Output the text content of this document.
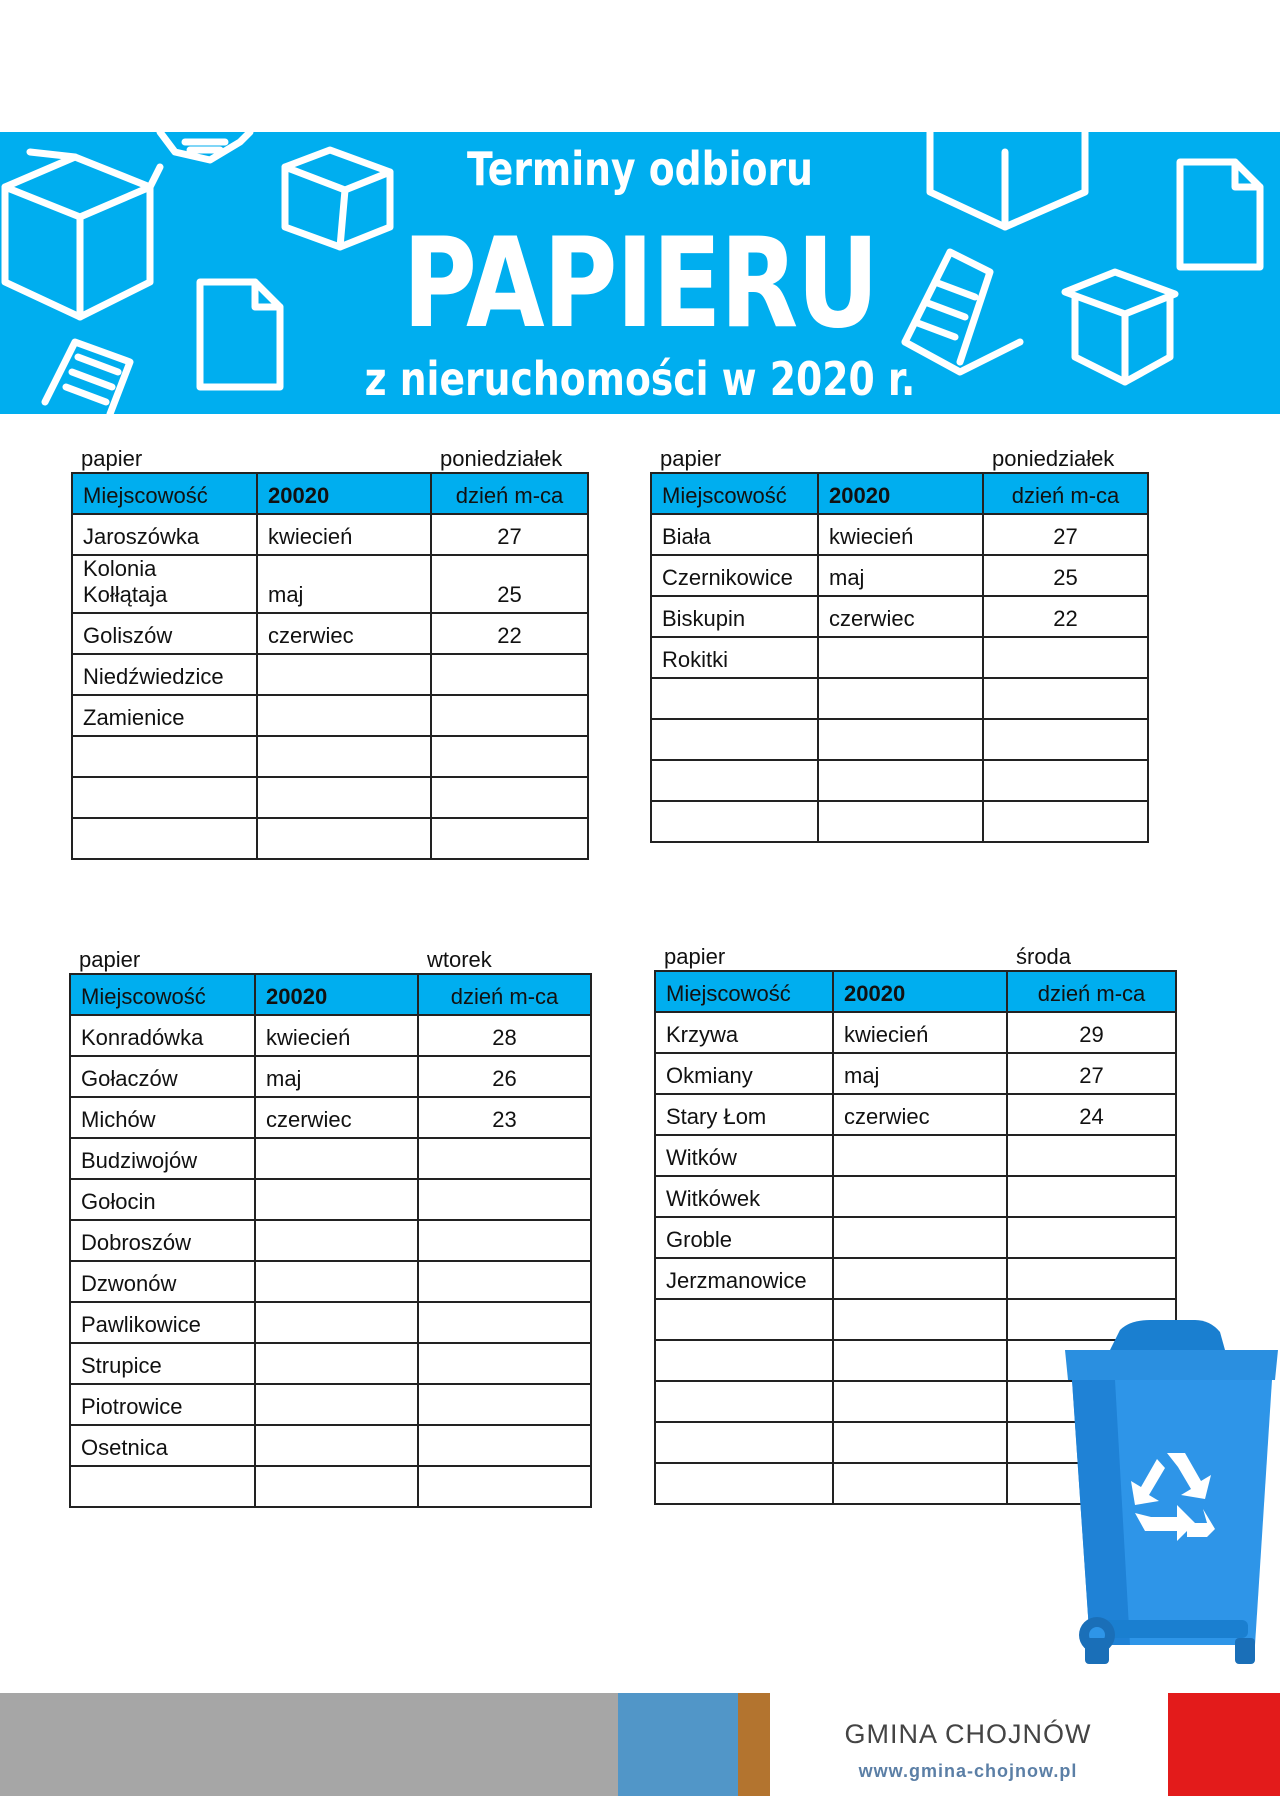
Terminy odbioru
PAPIERU
z nieruchomości w 2020 r.
papier	poniedziałek
Miejscowość	20020	dzień m-ca
Jaroszówka	kwiecień	27
Kolonia
Kołłątaja	maj	25
Goliszów	czerwiec	22
Niedźwiedzice		
Zamienice		

papier	poniedziałek
Miejscowość	20020	dzień m-ca
Biała	kwiecień	27
Czernikowice	maj	25
Biskupin	czerwiec	22
Rokitki		

papier	wtorek
Miejscowość	20020	dzień m-ca
Konradówka	kwiecień	28
Gołaczów	maj	26
Michów	czerwiec	23
Budziwojów		
Gołocin		
Dobroszów		
Dzwonów		
Pawlikowice		
Strupice		
Piotrowice		
Osetnica		

papier	środa
Miejscowość	20020	dzień m-ca
Krzywa	kwiecień	29
Okmiany	maj	27
Stary Łom	czerwiec	24
Witków		
Witkówek		
Groble		
Jerzmanowice		

GMINA CHOJNÓW
www.gmina-chojnow.pl
